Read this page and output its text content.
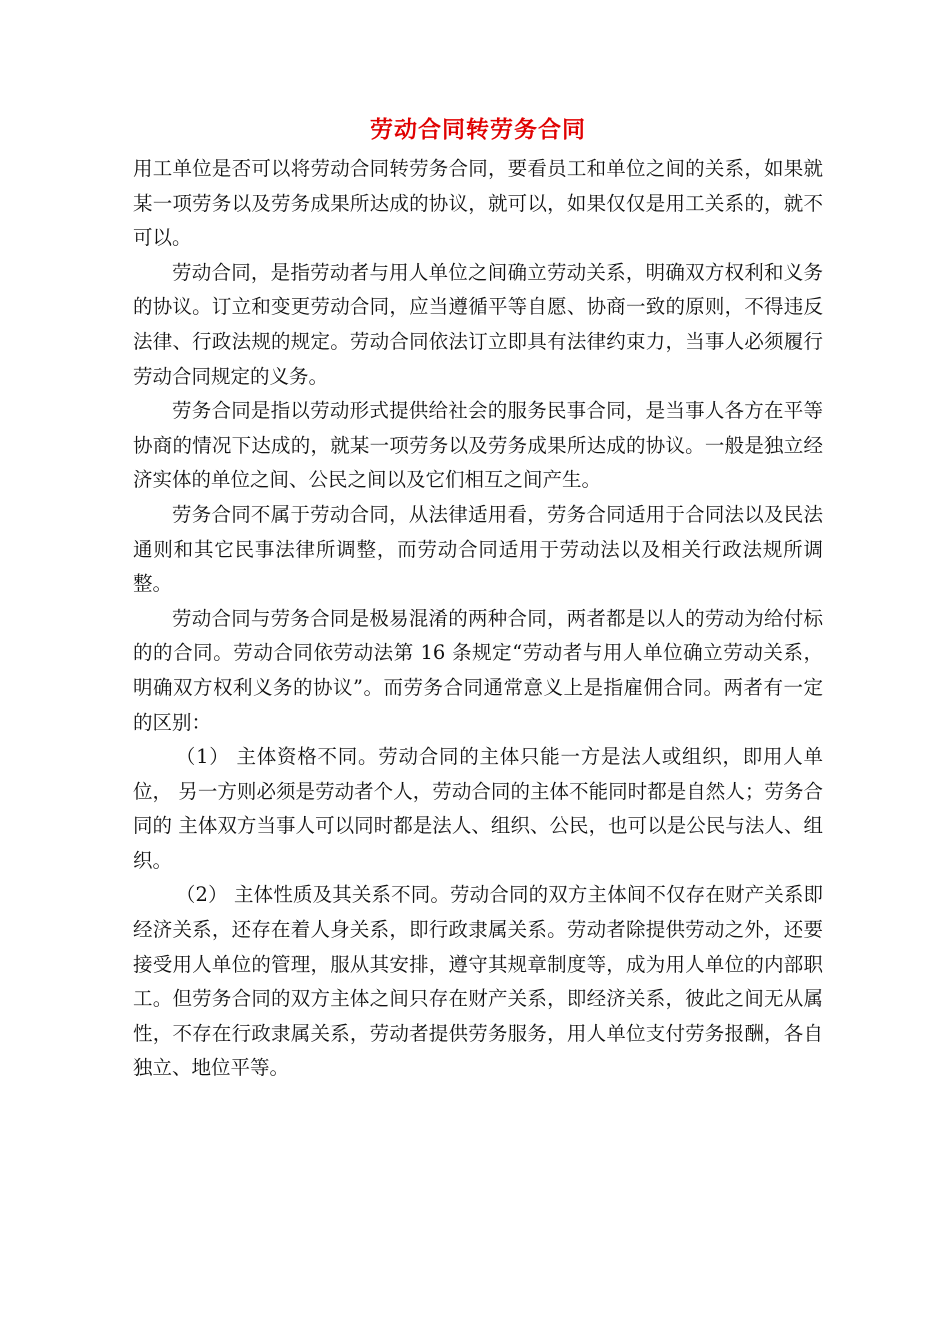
劳动合同转劳务合同

用工单位是否可以将劳动合同转劳务合同，要看员工和单位之间的关系，如果就某一项劳务以及劳务成果所达成的协议，就可以，如果仅仅是用工关系的，就不可以。

劳动合同，是指劳动者与用人单位之间确立劳动关系，明确双方权利和义务的协议。订立和变更劳动合同，应当遵循平等自愿、协商一致的原则，不得违反法律、行政法规的规定。劳动合同依法订立即具有法律约束力，当事人必须履行劳动合同规定的义务。

劳务合同是指以劳动形式提供给社会的服务民事合同，是当事人各方在平等协商的情况下达成的，就某一项劳务以及劳务成果所达成的协议。一般是独立经济实体的单位之间、公民之间以及它们相互之间产生。

劳务合同不属于劳动合同，从法律适用看，劳务合同适用于合同法以及民法通则和其它民事法律所调整，而劳动合同适用于劳动法以及相关行政法规所调整。

劳动合同与劳务合同是极易混淆的两种合同，两者都是以人的劳动为给付标的的合同。劳动合同依劳动法第 16 条规定“劳动者与用人单位确立劳动关系，明确双方权利义务的协议”。而劳务合同通常意义上是指雇佣合同。两者有一定的区别：

（1） 主体资格不同。劳动合同的主体只能一方是法人或组织，即用人单位， 另一方则必须是劳动者个人，劳动合同的主体不能同时都是自然人；劳务合同的 主体双方当事人可以同时都是法人、组织、公民，也可以是公民与法人、组织。

（2） 主体性质及其关系不同。劳动合同的双方主体间不仅存在财产关系即经济关系，还存在着人身关系，即行政隶属关系。劳动者除提供劳动之外，还要接受用人单位的管理，服从其安排，遵守其规章制度等，成为用人单位的内部职工。但劳务合同的双方主体之间只存在财产关系，即经济关系，彼此之间无从属性，不存在行政隶属关系，劳动者提供劳务服务，用人单位支付劳务报酬，各自独立、地位平等。
